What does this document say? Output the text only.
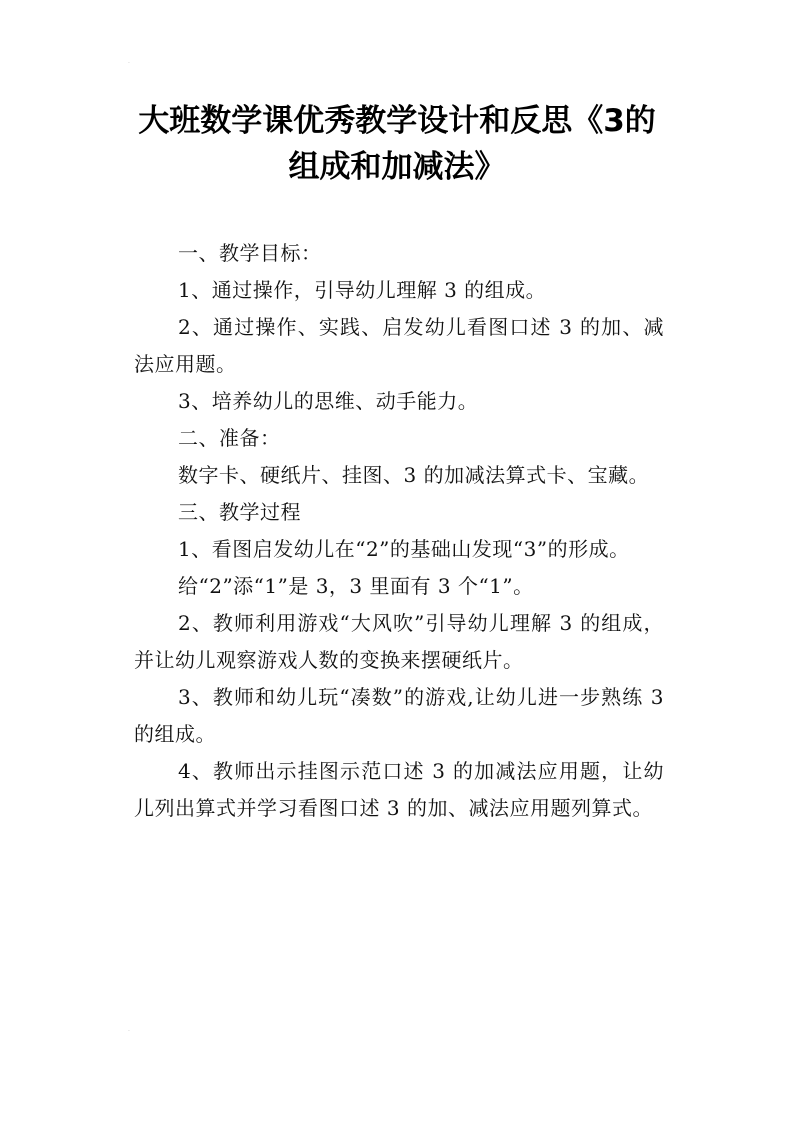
·
·
大班数学课优秀教学设计和反思《3的
组成和加减法》

一、教学目标：

1、通过操作，引导幼儿理解 3 的组成。

2、通过操作、实践、启发幼儿看图口述 3 的加、减法应用题。

3、培养幼儿的思维、动手能力。

二、准备：

数字卡、硬纸片、挂图、3 的加减法算式卡、宝藏。

三、教学过程

1、看图启发幼儿在“2”的基础山发现“3”的形成。

给“2”添“1”是 3，3 里面有 3 个“1”。

2、教师利用游戏“大风吹”引导幼儿理解 3 的组成，并让幼儿观察游戏人数的变换来摆硬纸片。

3、教师和幼儿玩“凑数”的游戏,让幼儿进一步熟练 3 的组成。

4、教师出示挂图示范口述 3 的加减法应用题，让幼儿列出算式并学习看图口述 3 的加、减法应用题列算式。
